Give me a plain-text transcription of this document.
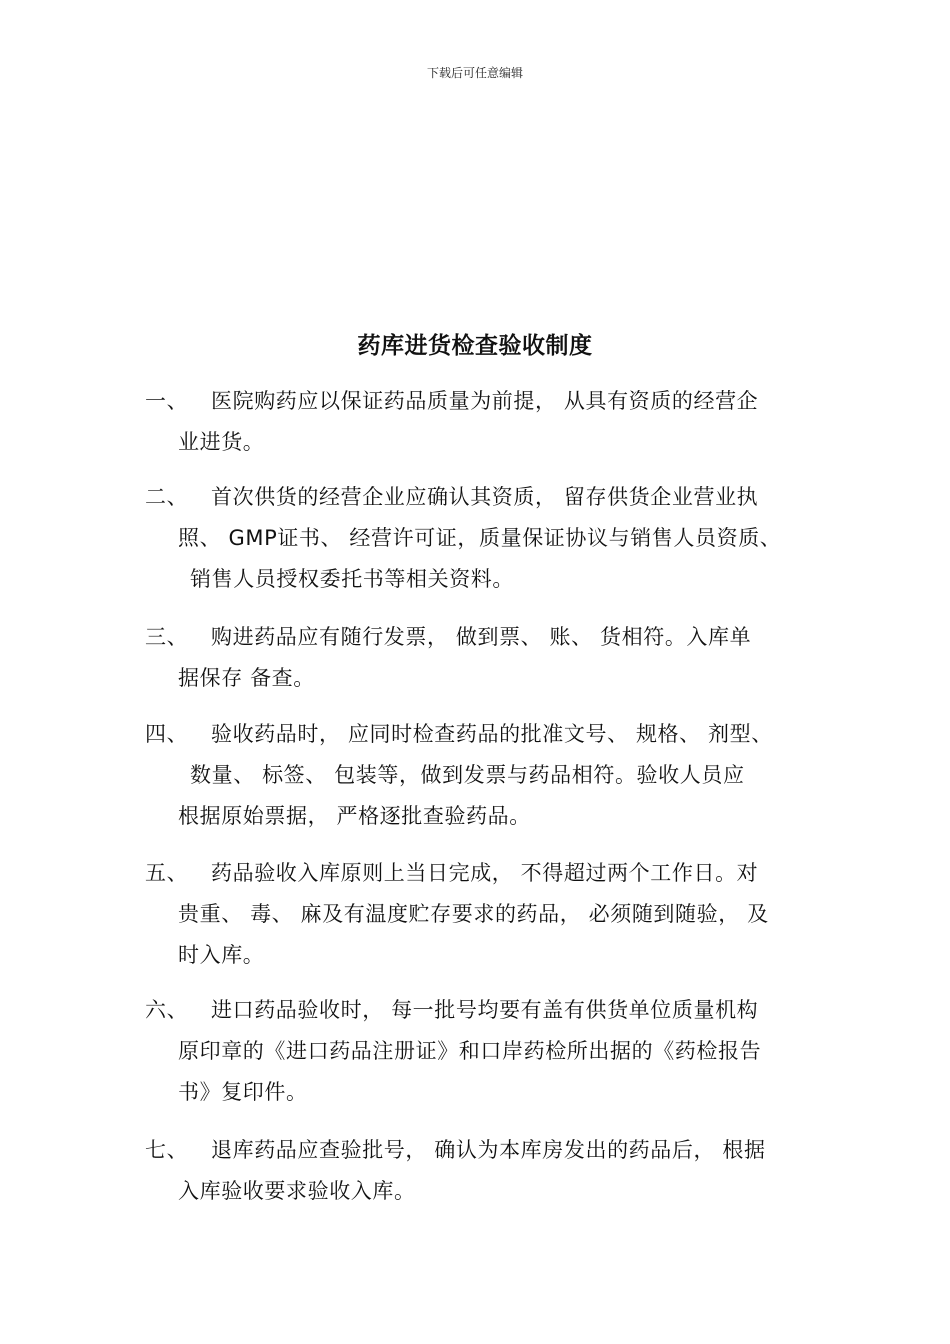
下载后可任意编辑
药库进货检查验收制度
一、 医院购药应以保证药品质量为前提， 从具有资质的经营企
业进货。
二、 首次供货的经营企业应确认其资质， 留存供货企业营业执
照、 GMP证书、 经营许可证，质量保证协议与销售人员资质、
销售人员授权委托书等相关资料。
三、 购进药品应有随行发票， 做到票、 账、 货相符。入库单
据保存 备查。
四、 验收药品时， 应同时检查药品的批准文号、 规格、 剂型、
数量、 标签、 包装等，做到发票与药品相符。验收人员应
根据原始票据， 严格逐批查验药品。
五、 药品验收入库原则上当日完成， 不得超过两个工作日。对
贵重、 毒、 麻及有温度贮存要求的药品， 必须随到随验， 及
时入库。
六、 进口药品验收时， 每一批号均要有盖有供货单位质量机构
原印章的《进口药品注册证》和口岸药检所出据的《药检报告
书》复印件。
七、 退库药品应查验批号， 确认为本库房发出的药品后， 根据
入库验收要求验收入库。
